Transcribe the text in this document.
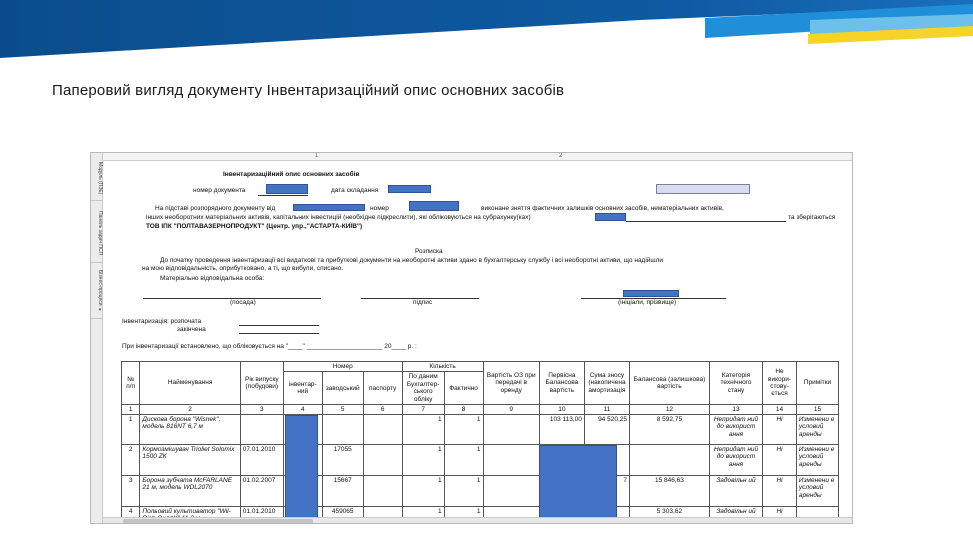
Паперовий вигляд документу Інвентаризаційний опис основних засобів
Модуль (ПЗЕ)
Панель задач ПСП
Бізнес-процеси ▾
1	2
Інвентаризаційний опис основних засобів
номер документа	дата складання
На підставі розпорядного документу від	номер	виконане зняття фактичних залишків основних засобів, нематеріальних активів,
інших необоротних матеріальних активів, капітальних інвестицій (необхідне підкреслити), які обліковуються на субрахунку(ках)	та зберігаються
ТОВ ІПК "ПОЛТАВАЗЕРНОПРОДУКТ" (Центр. упр.,"АСТАРТА-КИЇВ")
Розписка
До початку проведення інвентаризації всі видаткові та прибуткові документи на необоротні активи здано в бухгалтерську службу і всі необоротні активи, що надійшли
на мою відповідальність, оприбутковано, а ті, що вибули, списано.
Матеріально відповідальна особа:
(посада)	підпис	(ініціали, прізвище)
Інвентаризація: розпочата
закінчена
При інвентаризації встановлено, що обліковується на "____" _____________________ 20____ р. :
№ п/п	Найменування	Рік випуску (побудови)	Номер			Кількість		Вартість ОЗ при передачі в оренду	Первісна Балансова вартість	Сума зносу (накопичена амортизація	Балансова (залишкова) вартість	Категорія технічного стану	Не викори-стову-ється	Примітки
			інвентар-ний	заводський	паспорту	По даним Бухгалтер-ського обліку	Фактично							
1	2	3	4	5	6	7	8	9	10	11	12	13	14	15
1	Дискова борона "Wisnek", модель 816NT 6,7 м					1	1		103 113,00	94 520,25	8 592,75	Непридат ний до використ ання	Ні	Изменени е условий аренды
2	Кормозмішувач Trioliet Solomix 1500 ZK	07.01.2010		17055		1	1					Непридат ний до використ ання	Ні	Изменени е условий аренды
3	Борона зубчата McFARLANE 21 м, модель WDL2070	01.02.2007		15667		1	1			7	15 846,63	Задовільн ий	Ні	Изменени е условий аренды
4	Польовий культиватор "Wil-	01.01.2010		459065		1	1				5 303,62	Задовільн ий	Ні	
